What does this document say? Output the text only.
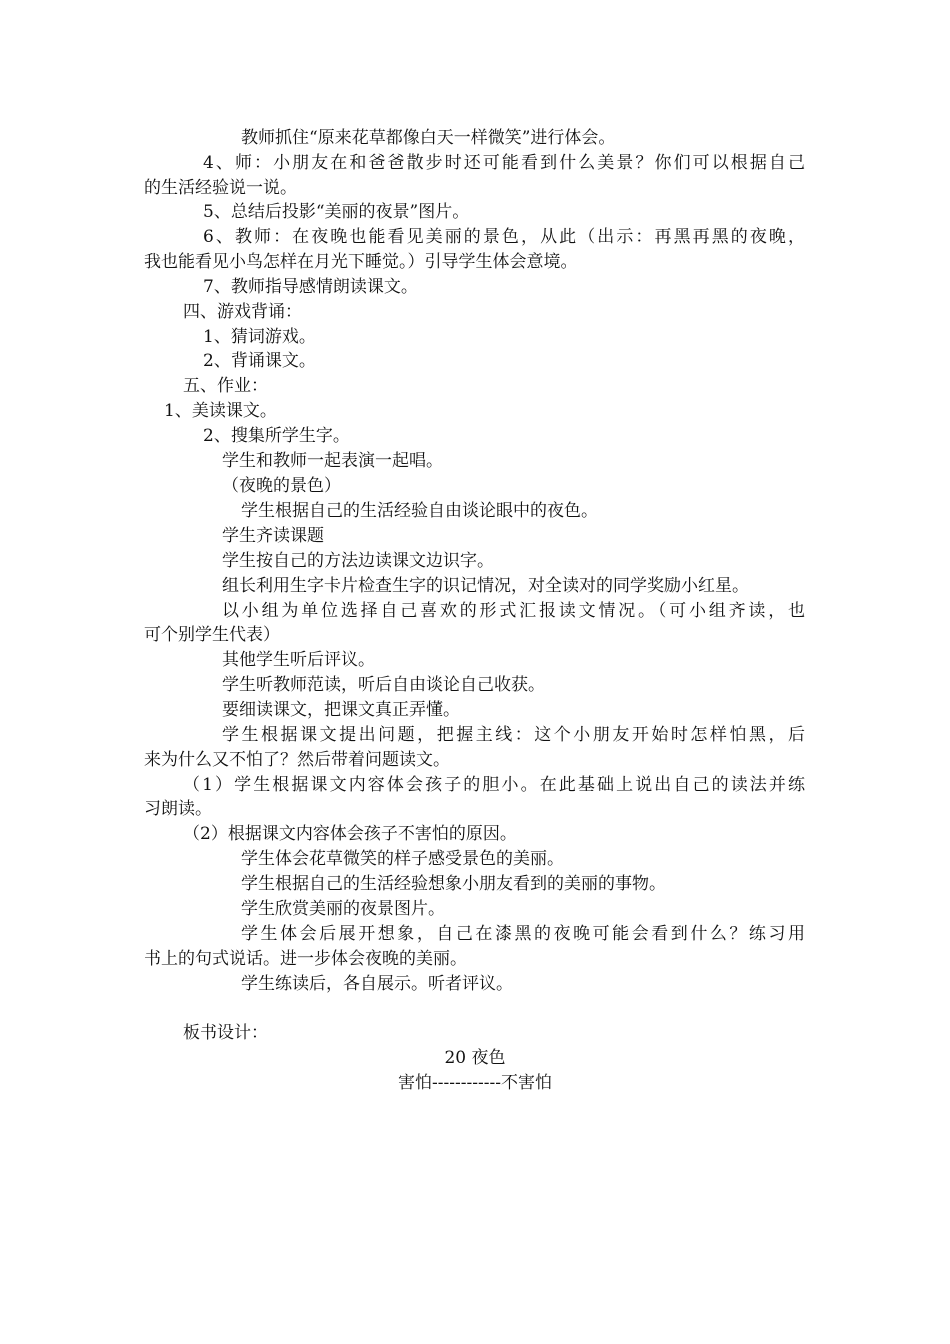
教师抓住“原来花草都像白天一样微笑”进行体会。
4、师：小朋友在和爸爸散步时还可能看到什么美景？你们可以根据自己
的生活经验说一说。
5、总结后投影“美丽的夜景”图片。
6、教师：在夜晚也能看见美丽的景色，从此（出示：再黑再黑的夜晚，
我也能看见小鸟怎样在月光下睡觉。）引导学生体会意境。
7、教师指导感情朗读课文。
四、游戏背诵：
1、猜词游戏。
2、背诵课文。
五、作业：
1、美读课文。
2、搜集所学生字。
学生和教师一起表演一起唱。
（夜晚的景色）
学生根据自己的生活经验自由谈论眼中的夜色。
学生齐读课题
学生按自己的方法边读课文边识字。
组长利用生字卡片检查生字的识记情况，对全读对的同学奖励小红星。
以小组为单位选择自己喜欢的形式汇报读文情况。（可小组齐读，也
可个别学生代表）
其他学生听后评议。
学生听教师范读，听后自由谈论自己收获。
要细读课文，把课文真正弄懂。
学生根据课文提出问题，把握主线：这个小朋友开始时怎样怕黑，后
来为什么又不怕了？然后带着问题读文。
（1）学生根据课文内容体会孩子的胆小。在此基础上说出自己的读法并练
习朗读。
（2）根据课文内容体会孩子不害怕的原因。
学生体会花草微笑的样子感受景色的美丽。
学生根据自己的生活经验想象小朋友看到的美丽的事物。
学生欣赏美丽的夜景图片。
学生体会后展开想象，自己在漆黑的夜晚可能会看到什么？练习用
书上的句式说话。进一步体会夜晚的美丽。
学生练读后，各自展示。听者评议。
板书设计：
20 夜色
害怕------------不害怕
